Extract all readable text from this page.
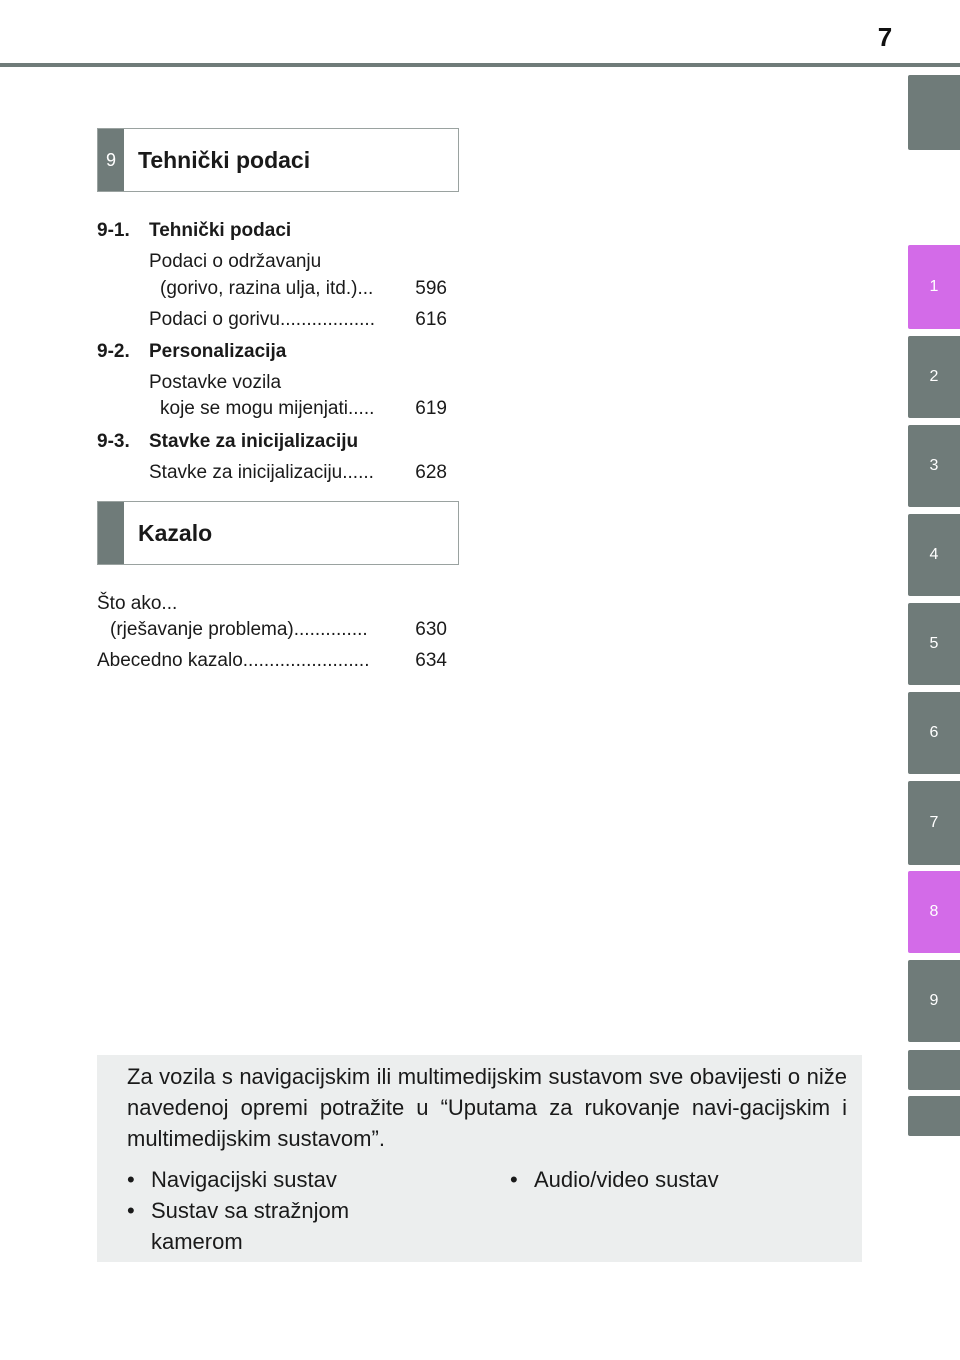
7
1
2
3
4
5
6
7
8
9
9 Tehnički podaci
9-1. Tehnički podaci
Podaci o održavanju
(gorivo, razina ulja, itd.) ...	596
Podaci o gorivu ..................	616
9-2. Personalizacija
Postavke vozila
koje se mogu mijenjati .....	619
9-3. Stavke za inicijalizaciju
Stavke za inicijalizaciju ......	628
Kazalo
Što ako...
(rješavanje problema) ..............	630
Abecedno kazalo ........................	634
Za vozila s navigacijskim ili multimedijskim sustavom sve obavijesti o niže navedenoj opremi potražite u “Uputama za rukovanje navi-gacijskim i multimedijskim sustavom”.
• Navigacijski sustav
• Sustav sa stražnjom
kamerom
• Audio/video sustav
